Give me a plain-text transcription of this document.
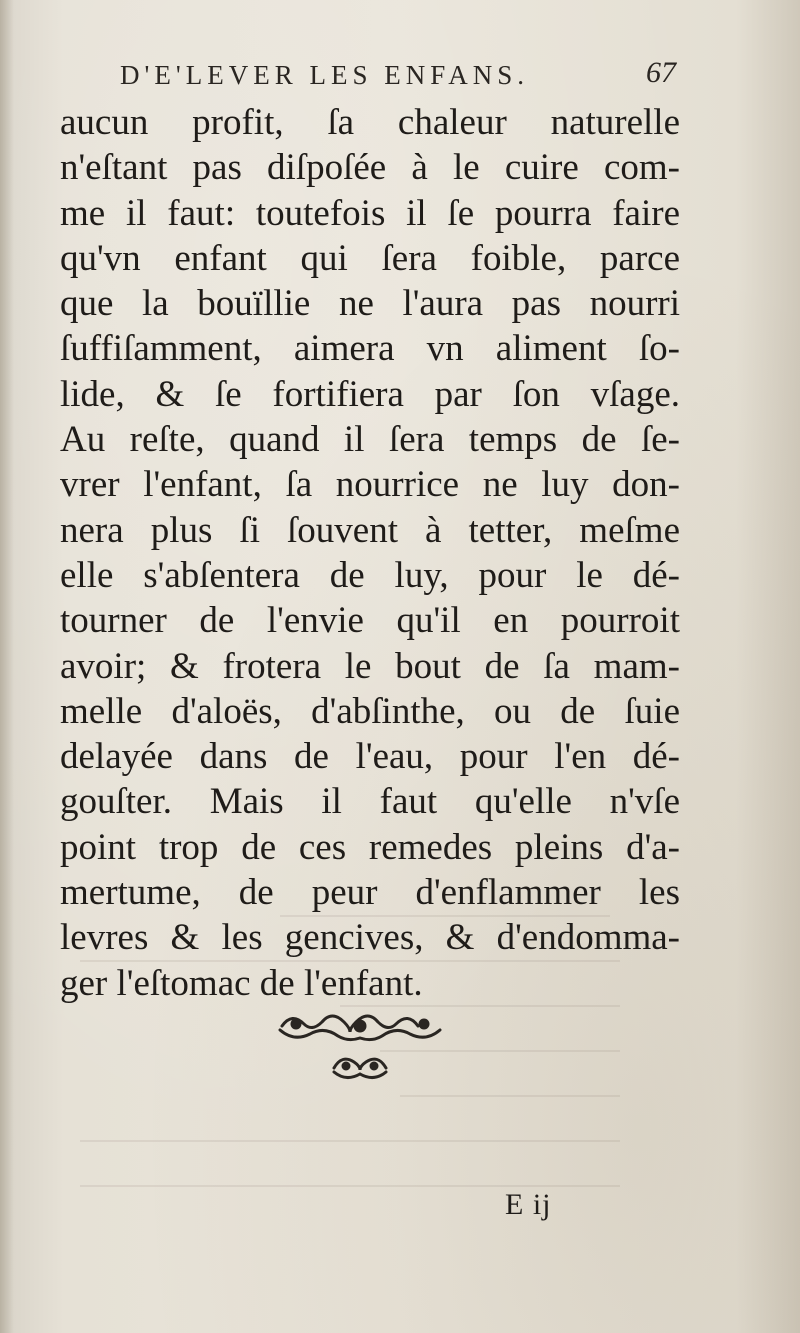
D'E'LEVER LES ENFANS.	67
aucun profit, ſa chaleur naturelle
n'eſtant pas diſpoſée à le cuire com-
me il faut: toutefois il ſe pourra faire
qu'vn enfant qui ſera foible, parce
que la bouïllie ne l'aura pas nourri
ſuffiſamment, aimera vn aliment ſo-
lide, & ſe fortifiera par ſon vſage.
Au reſte, quand il ſera temps de ſe-
vrer l'enfant, ſa nourrice ne luy don-
nera plus ſi ſouvent à tetter, meſme
elle s'abſentera de luy, pour le dé-
tourner de l'envie qu'il en pourroit
avoir; & frotera le bout de ſa mam-
melle d'aloës, d'abſinthe, ou de ſuie
delayée dans de l'eau, pour l'en dé-
gouſter. Mais il faut qu'elle n'vſe
point trop de ces remedes pleins d'a-
mertume, de peur d'enflammer les
levres & les gencives, & d'endomma-
ger l'eſtomac de l'enfant.
E ij
